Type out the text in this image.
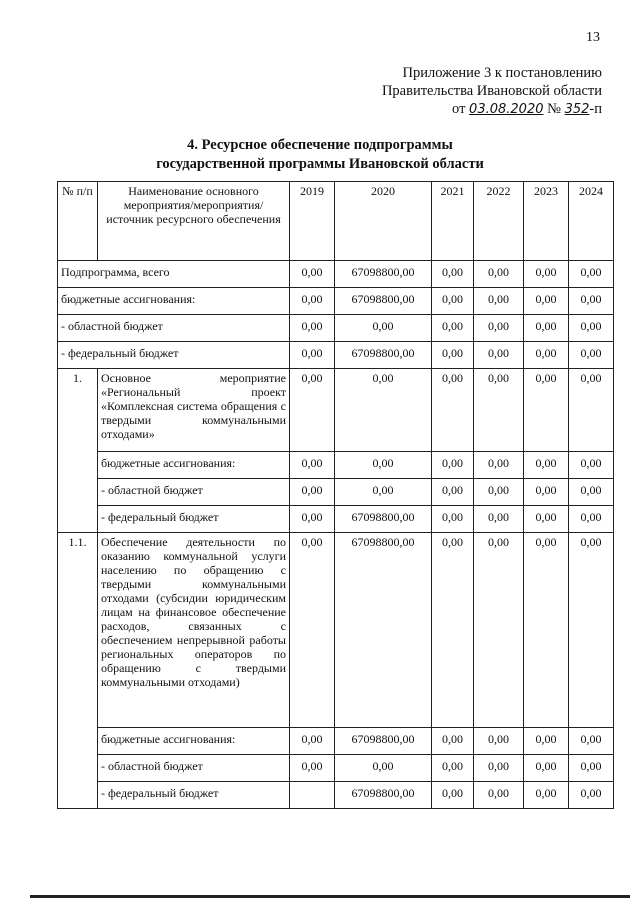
13
Приложение 3 к постановлению
Правительства Ивановской области
от 03.08.2020 № 352-п
4. Ресурсное обеспечение подпрограммы
государственной программы Ивановской области
№ п/п	Наименование основного мероприятия/мероприятия/ источник ресурсного обеспечения	2019	2020	2021	2022	2023	2024
Подпрограмма, всего		0,00	67098800,00	0,00	0,00	0,00	0,00
бюджетные ассигнования:		0,00	67098800,00	0,00	0,00	0,00	0,00
- областной бюджет		0,00	0,00	0,00	0,00	0,00	0,00
- федеральный бюджет		0,00	67098800,00	0,00	0,00	0,00	0,00
1.	Основное мероприятие «Региональный проект «Комплексная система обращения с твердыми коммунальными отходами»	0,00	0,00	0,00	0,00	0,00	0,00
	бюджетные ассигнования:	0,00	0,00	0,00	0,00	0,00	0,00
	- областной бюджет	0,00	0,00	0,00	0,00	0,00	0,00
	- федеральный бюджет	0,00	67098800,00	0,00	0,00	0,00	0,00
1.1.	Обеспечение деятельности по оказанию коммунальной услуги населению по обращению с твердыми коммунальными отходами (субсидии юридическим лицам на финансовое обеспечение расходов, связанных с обеспечением непрерывной работы региональных операторов по обращению с твердыми коммунальными отходами)	0,00	67098800,00	0,00	0,00	0,00	0,00
	бюджетные ассигнования:	0,00	67098800,00	0,00	0,00	0,00	0,00
	- областной бюджет	0,00	0,00	0,00	0,00	0,00	0,00
	- федеральный бюджет		67098800,00	0,00	0,00	0,00	0,00
